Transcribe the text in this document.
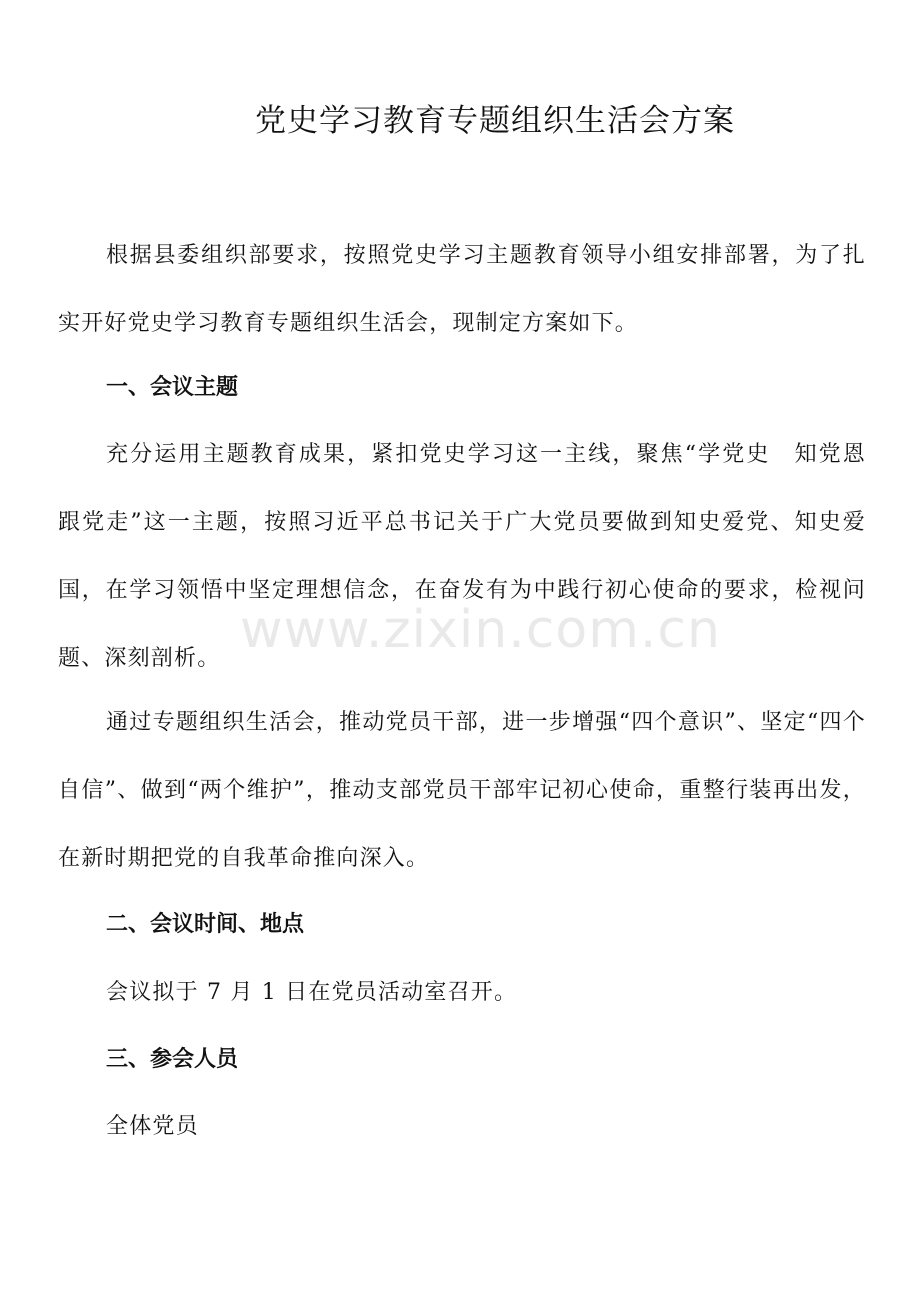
党史学习教育专题组织生活会方案

根据县委组织部要求，按照党史学习主题教育领导小组安排部署，为了扎实开好党史学习教育专题组织生活会，现制定方案如下。

一、会议主题

充分运用主题教育成果，紧扣党史学习这一主线，聚焦“学党史　知党恩 跟党走”这一主题，按照习近平总书记关于广大党员要做到知史爱党、知史爱国，在学习领悟中坚定理想信念，在奋发有为中践行初心使命的要求，检视问题、深刻剖析。

通过专题组织生活会，推动党员干部，进一步增强“四个意识”、坚定“四个自信”、做到“两个维护”，推动支部党员干部牢记初心使命，重整行装再出发，在新时期把党的自我革命推向深入。

二、会议时间、地点

会议拟于 7 月 1 日在党员活动室召开。

三、参会人员

全体党员

www.zixin.com.cn
